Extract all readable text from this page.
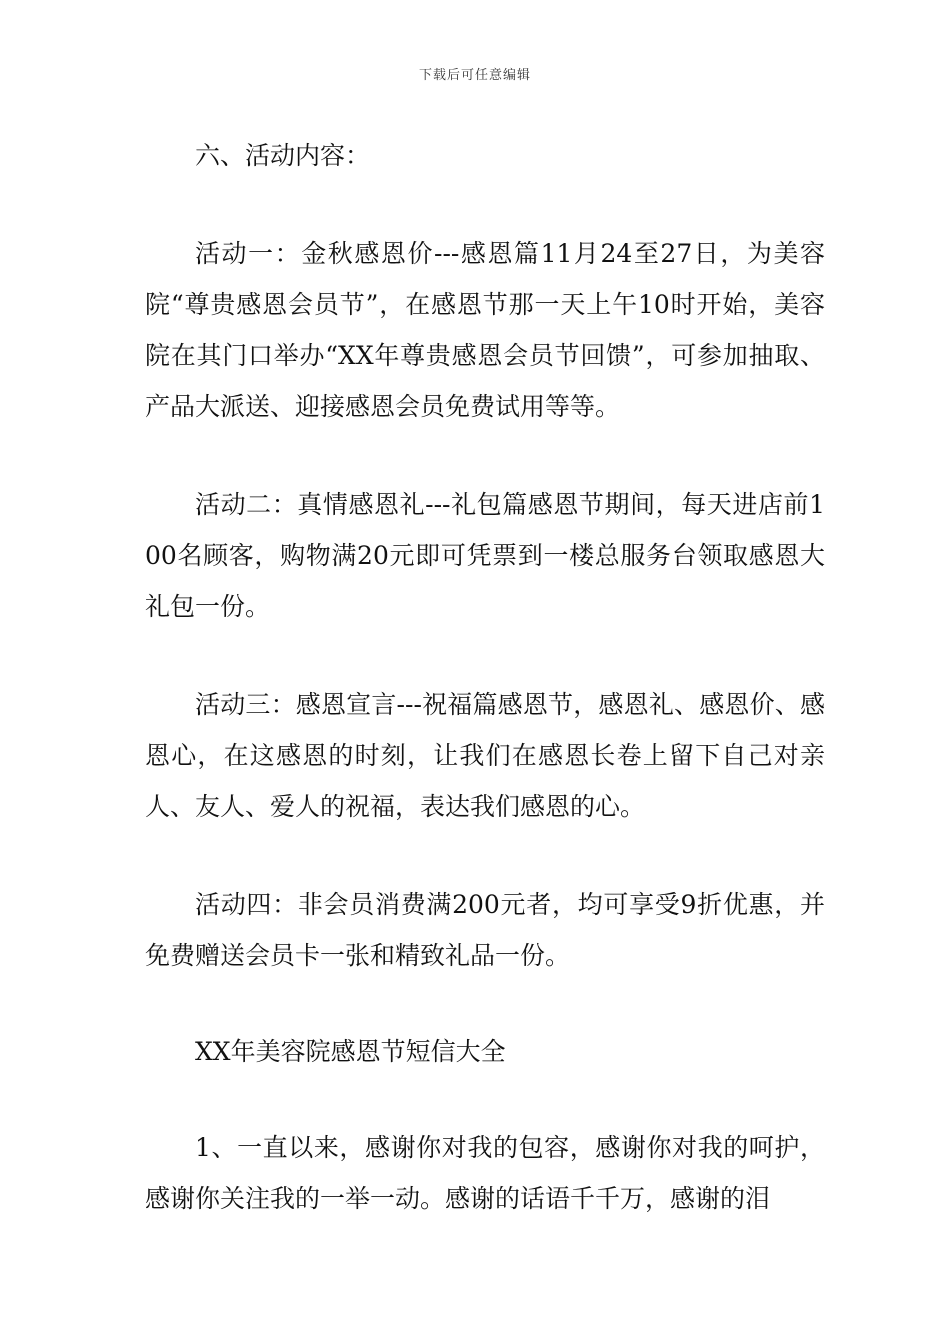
下载后可任意编辑

六、活动内容：

活动一：金秋感恩价---感恩篇11月24至27日，为美容院“尊贵感恩会员节”，在感恩节那一天上午10时开始，美容院在其门口举办“XX年尊贵感恩会员节回馈”，可参加抽取、产品大派送、迎接感恩会员免费试用等等。

活动二：真情感恩礼---礼包篇感恩节期间，每天进店前100名顾客，购物满20元即可凭票到一楼总服务台领取感恩大礼包一份。

活动三：感恩宣言---祝福篇感恩节，感恩礼、感恩价、感恩心，在这感恩的时刻，让我们在感恩长卷上留下自己对亲人、友人、爱人的祝福，表达我们感恩的心。

活动四：非会员消费满200元者，均可享受9折优惠，并免费赠送会员卡一张和精致礼品一份。

XX年美容院感恩节短信大全

1、一直以来，感谢你对我的包容，感谢你对我的呵护，感谢你关注我的一举一动。感谢的话语千千万，感谢的泪
